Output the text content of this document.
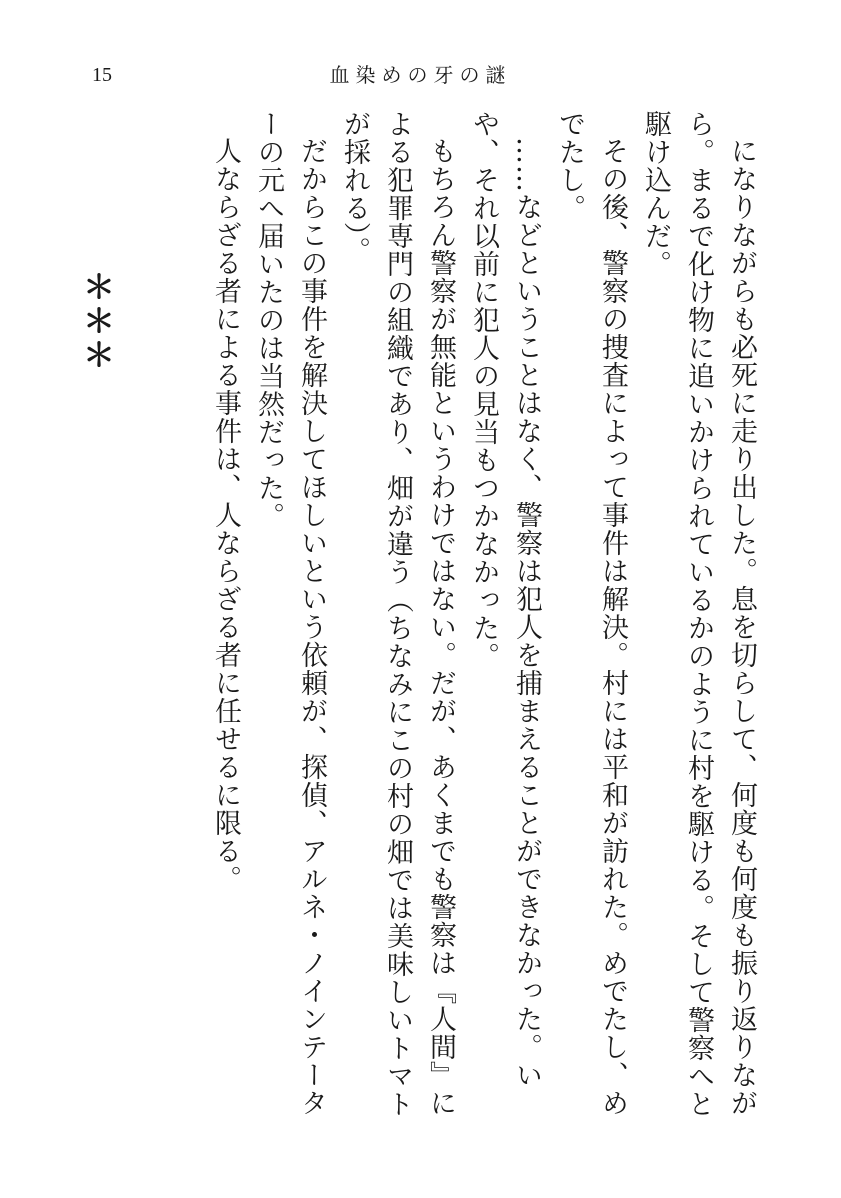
15	血染めの牙の謎

になりながらも必死に走り出した。息を切らして、何度も何度も振り返りながら。まるで化け物に追いかけられているかのように村を駆ける。そして警察へと駆け込んだ。

その後、警察の捜査によって事件は解決。村には平和が訪れた。めでたし、めでたし。

……などということはなく、警察は犯人を捕まえることができなかった。いや、それ以前に犯人の見当もつかなかった。

もちろん警察が無能というわけではない。だが、あくまでも警察は『人間』による犯罪専門の組織であり、畑が違う（ちなみにこの村の畑では美味しいトマトが採れる）。

だからこの事件を解決してほしいという依頼が、探偵、アルネ・ノインテーターの元へ届いたのは当然だった。

人ならざる者による事件は、人ならざる者に任せるに限る。

＊＊＊
